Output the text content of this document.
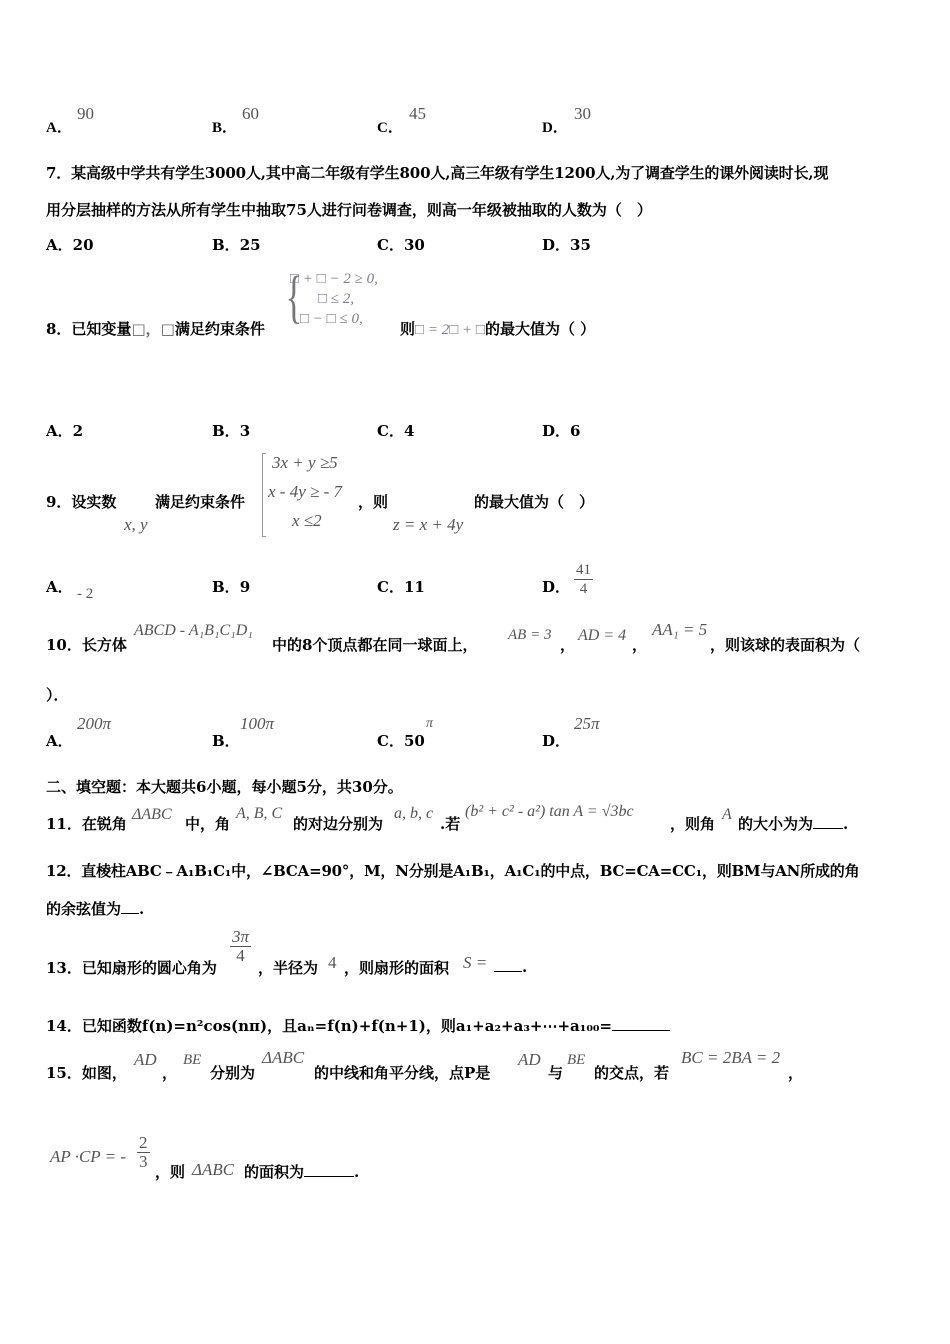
A．
90
B．
60
C．
45
D．
30
7．某高级中学共有学生3000人,其中高二年级有学生800人,高三年级有学生1200人,为了调查学生的课外阅读时长,现
用分层抽样的方法从所有学生中抽取75人进行问卷调查，则高一年级被抽取的人数为（　）
A．20	B．25	C．30	D．35
8．已知变量□，□满足约束条件 {
□ + □ − 2 ≥ 0,
□ ≤ 2,
□ − □ ≤ 0,
则□ = 2□ + □的最大值为（ ）
A．2	B．3	C．4	D．6
9．设实数
x, y
满足约束条件
3x + y ≥5
x - 4y ≥ - 7
x ≤2
，则
z = x + 4y
的最大值为（　）
A． - 2	B．9	C．11	D． $\frac{41}{4}$
10．长方体
ABCD - A₁B₁C₁D₁
中的8个顶点都在同一球面上，
AB = 3
，
AD = 4
，
AA₁ = 5
，则该球的表面积为（
）．
A．
200π
B．
100π
C．50
π
D．
25π
二、填空题：本大题共6小题，每小题5分，共30分。
11．在锐角
ΔABC
中，角
A, B, C
的对边分别为
a, b, c
.若
(b² + c² - a²) tan A = √3bc
，则角
A
的大小为为 .
12．直棱柱ABC﹣A₁B₁C₁中，∠BCA=90°，M，N分别是A₁B₁，A₁C₁的中点，BC=CA=CC₁，则BM与AN所成的角
的余弦值为 .
13．已知扇形的圆心角为
$\frac{3\pi}{4}$
，半径为 4 ，则扇形的面积 S =	.
14．已知函数f(n)=n²cos(nπ)，且aₙ=f(n)+f(n+1)，则a₁+a₂+a₃+⋯+a₁₀₀=
15．如图，
AD
，
BE
分别为
ΔABC
的中线和角平分线，点P是
AD
与
BE
的交点，若
BC = 2BA = 2
，
AP ·CP = - $\frac{2}{3}$
，则 ΔABC 的面积为	.
